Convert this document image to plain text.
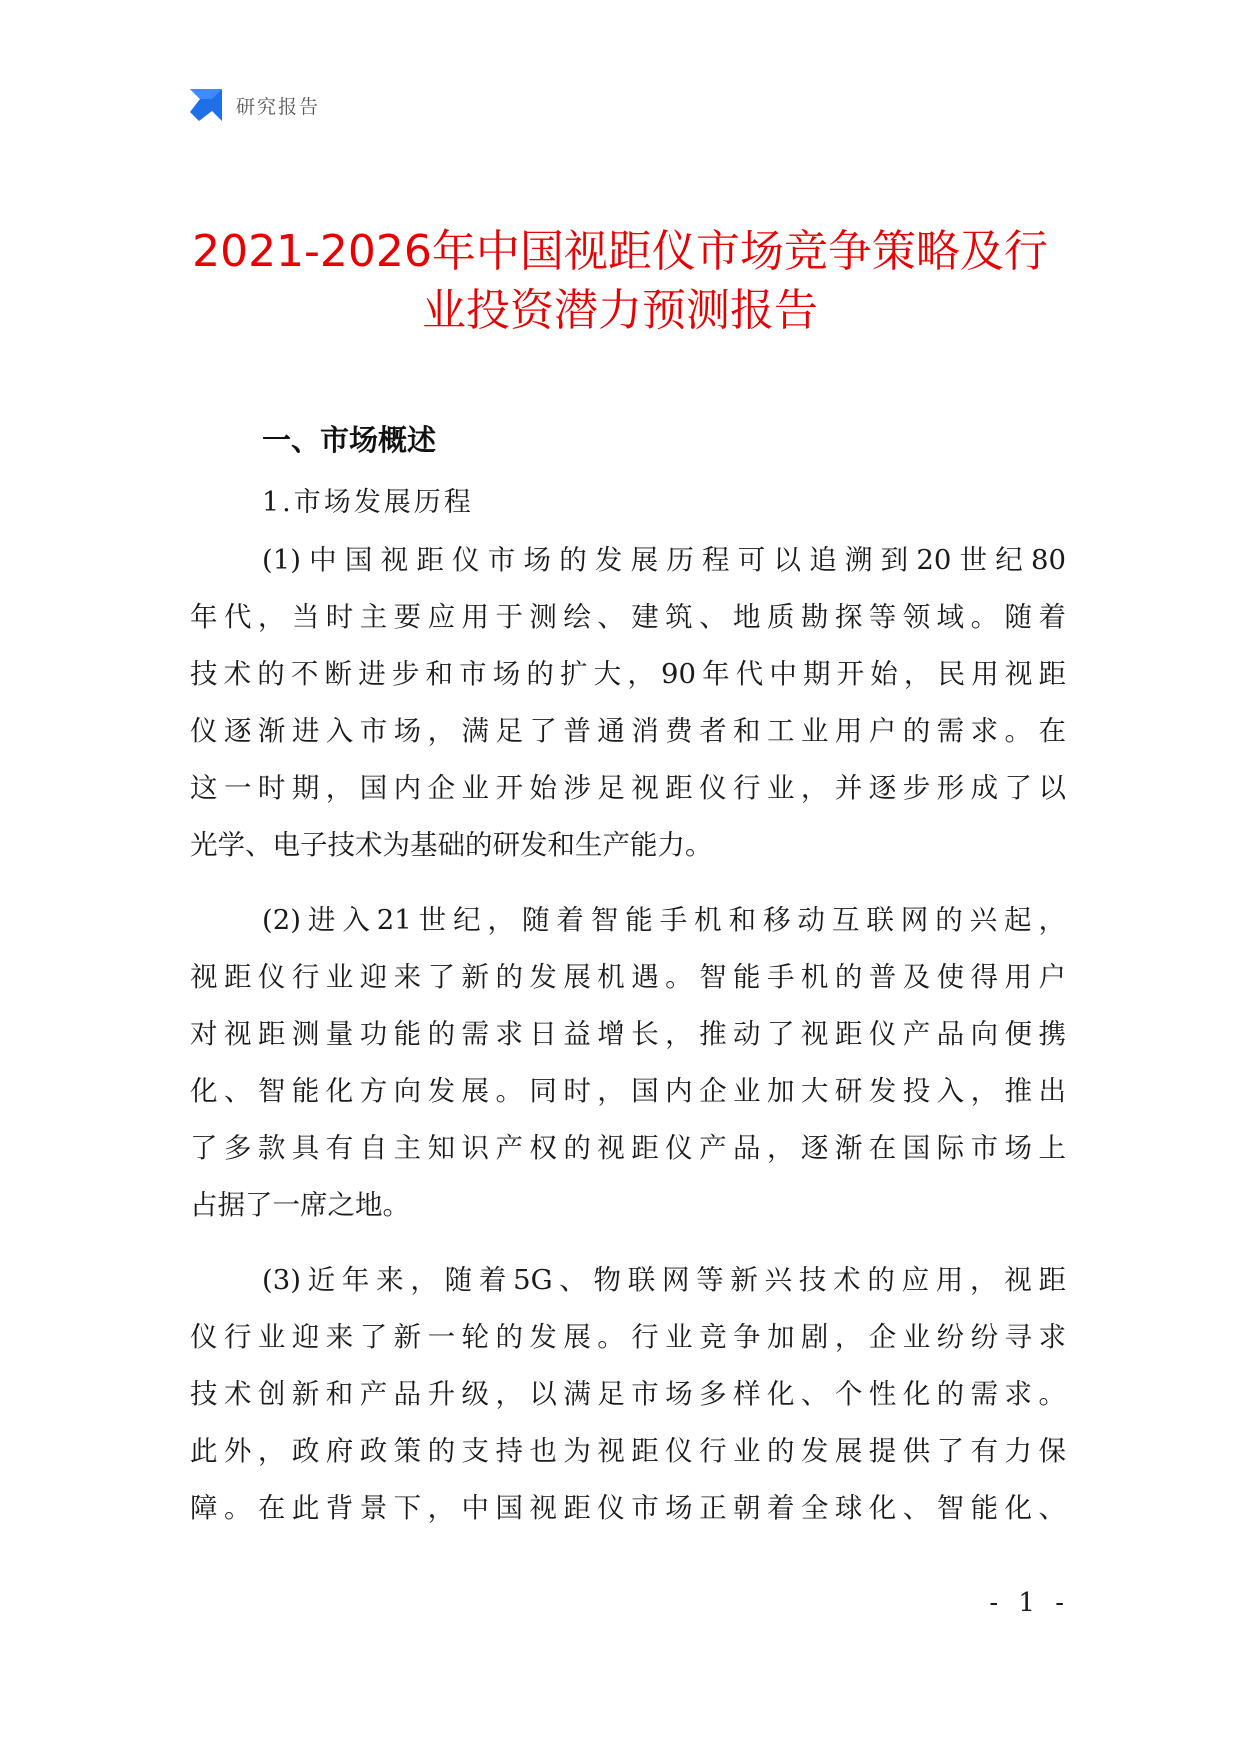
研究报告
2021-2026年中国视距仪市场竞争策略及行
业投资潜力预测报告
一、市场概述
1.市场发展历程

(1)中国视距仪市场的发展历程可以追溯到20世纪80

年代，当时主要应用于测绘、建筑、地质勘探等领域。随着

技术的不断进步和市场的扩大，90年代中期开始，民用视距

仪逐渐进入市场，满足了普通消费者和工业用户的需求。在

这一时期，国内企业开始涉足视距仪行业，并逐步形成了以

光学、电子技术为基础的研发和生产能力。

(2)进入21世纪，随着智能手机和移动互联网的兴起，

视距仪行业迎来了新的发展机遇。智能手机的普及使得用户

对视距测量功能的需求日益增长，推动了视距仪产品向便携

化、智能化方向发展。同时，国内企业加大研发投入，推出

了多款具有自主知识产权的视距仪产品，逐渐在国际市场上

占据了一席之地。

(3)近年来，随着5G、物联网等新兴技术的应用，视距

仪行业迎来了新一轮的发展。行业竞争加剧，企业纷纷寻求

技术创新和产品升级，以满足市场多样化、个性化的需求。

此外，政府政策的支持也为视距仪行业的发展提供了有力保

障。在此背景下，中国视距仪市场正朝着全球化、智能化、

- 1 -
